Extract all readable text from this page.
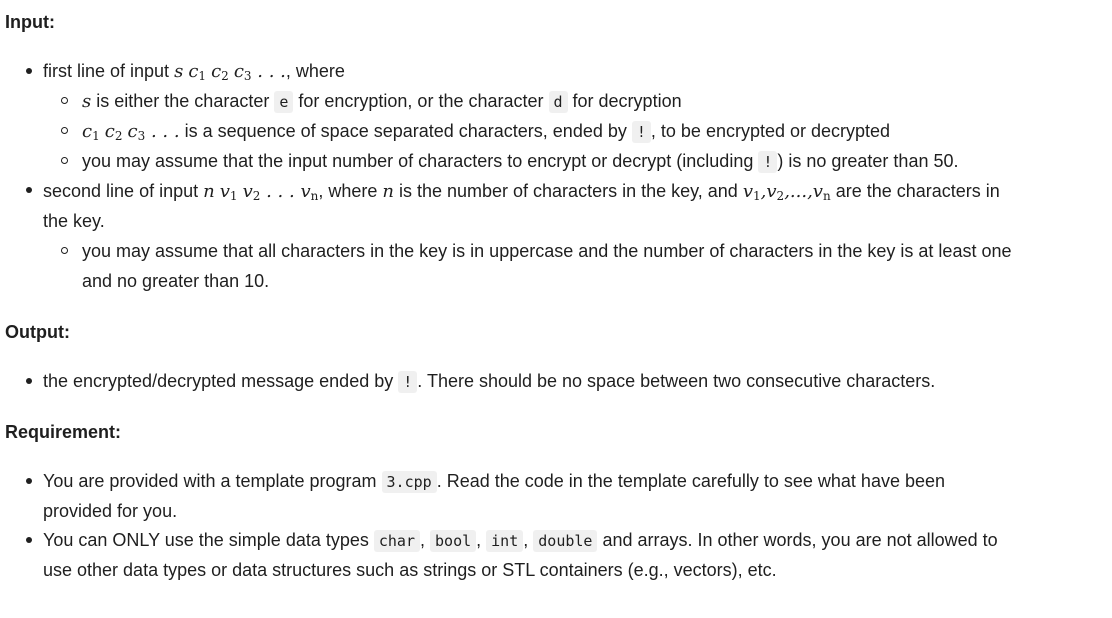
Input:
first line of input s $c_1$ $c_2$ $c_3$ . . ., where
s is either the character e for encryption, or the character d for decryption
$c_1$ $c_2$ $c_3$ . . . is a sequence of space separated characters, ended by ! , to be encrypted or decrypted
you may assume that the input number of characters to encrypt or decrypt (including ! ) is no greater than 50.
second line of input n $v_1$ $v_2$ . . . $v_n$, where n is the number of characters in the key, and $v_1,v_2,...,v_n$ are the characters in
the key.
you may assume that all characters in the key is in uppercase and the number of characters in the key is at least one
and no greater than 10.
Output:
the encrypted/decrypted message ended by ! . There should be no space between two consecutive characters.
Requirement:
You are provided with a template program 3.cpp . Read the code in the template carefully to see what have been
provided for you.
You can ONLY use the simple data types char , bool , int , double and arrays. In other words, you are not allowed to
use other data types or data structures such as strings or STL containers (e.g., vectors), etc.
